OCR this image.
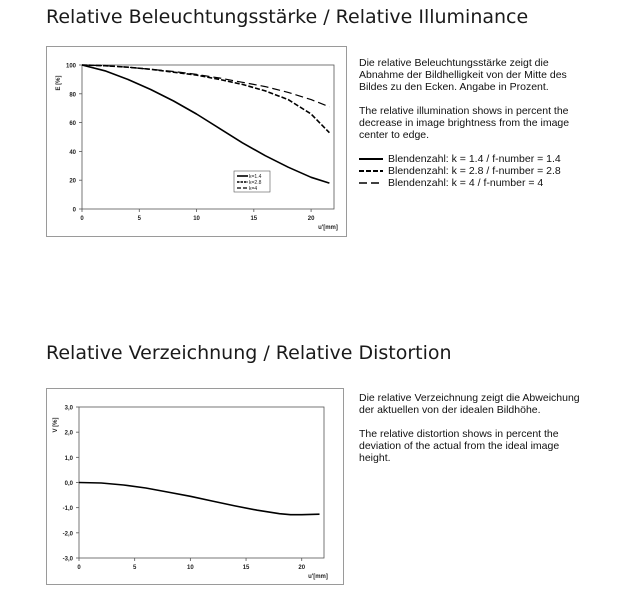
Relative Beleuchtungsstärke / Relative Illuminance
0
20
40
60
80
100
0	5	10	15	20
u'[mm]
E [%]
k=1.4
k=2.8
k=4

Die relative Beleuchtungsstärke zeigt die Abnahme der Bildhelligkeit von der Mitte des Bildes zu den Ecken. Angabe in Prozent.

The relative illumination shows in percent the decrease in image brightness from the image center to edge.

Blendenzahl: k = 1.4 / f-number = 1.4
Blendenzahl: k = 2.8 / f-number = 2.8
Blendenzahl: k = 4 / f-number = 4
Relative Verzeichnung / Relative Distortion
-3,0
-2,0
-1,0
0,0
1,0
2,0
3,0
0	5	10	15	20
u'[mm]
V [%]

Die relative Verzeichnung zeigt die Abweichung der aktuellen von der idealen Bildhöhe.

The relative distortion shows in percent the deviation of the actual from the ideal image height.
